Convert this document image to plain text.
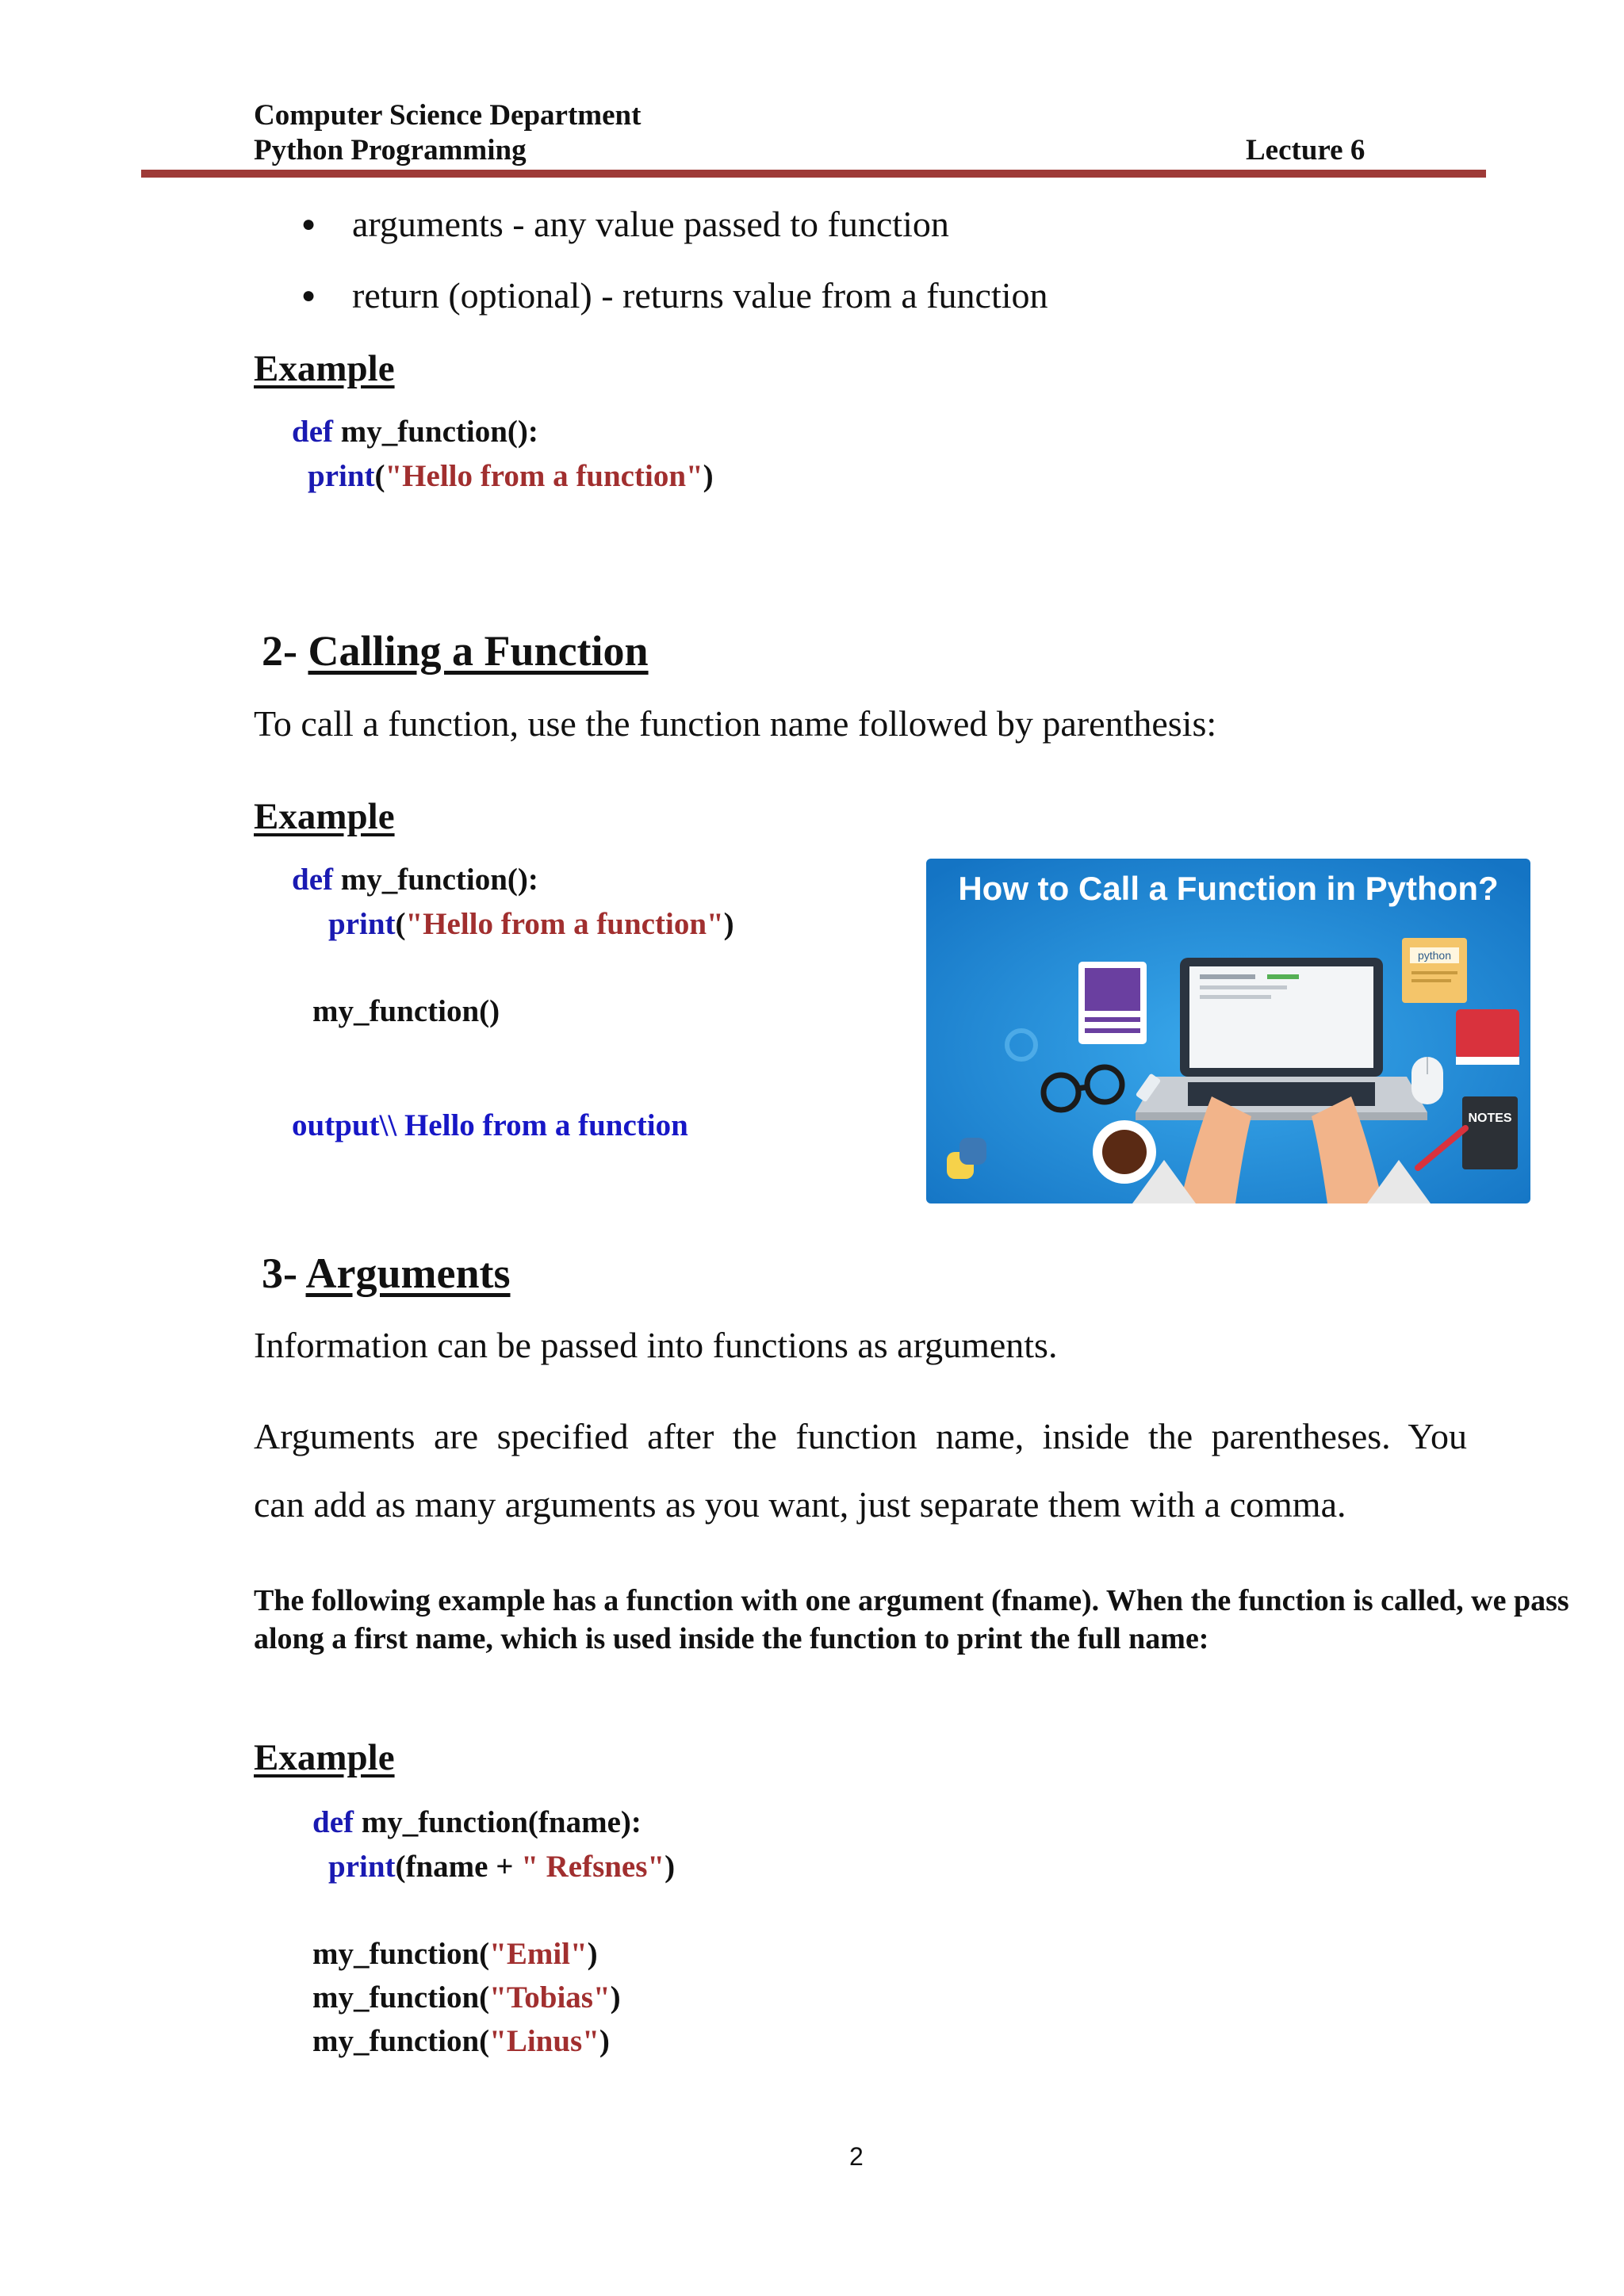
Computer Science Department
Python Programming	Lecture 6
● arguments - any value passed to function
● return (optional) - returns value from a function
Example
def my_function():
print("Hello from a function")
2- Calling a Function
To call a function, use the function name followed by parenthesis:
Example
def my_function():
print("Hello from a function")
my_function()
output\\ Hello from a function
python
NOTES
How to Call a Function in Python?
3- Arguments
Information can be passed into functions as arguments.
Arguments are specified after the function name, inside the parentheses. You
can add as many arguments as you want, just separate them with a comma.
The following example has a function with one argument (fname). When the function is called, we pass along a first name, which is used inside the function to print the full name:
Example
def my_function(fname):
print(fname + " Refsnes")
my_function("Emil")
my_function("Tobias")
my_function("Linus")
2
